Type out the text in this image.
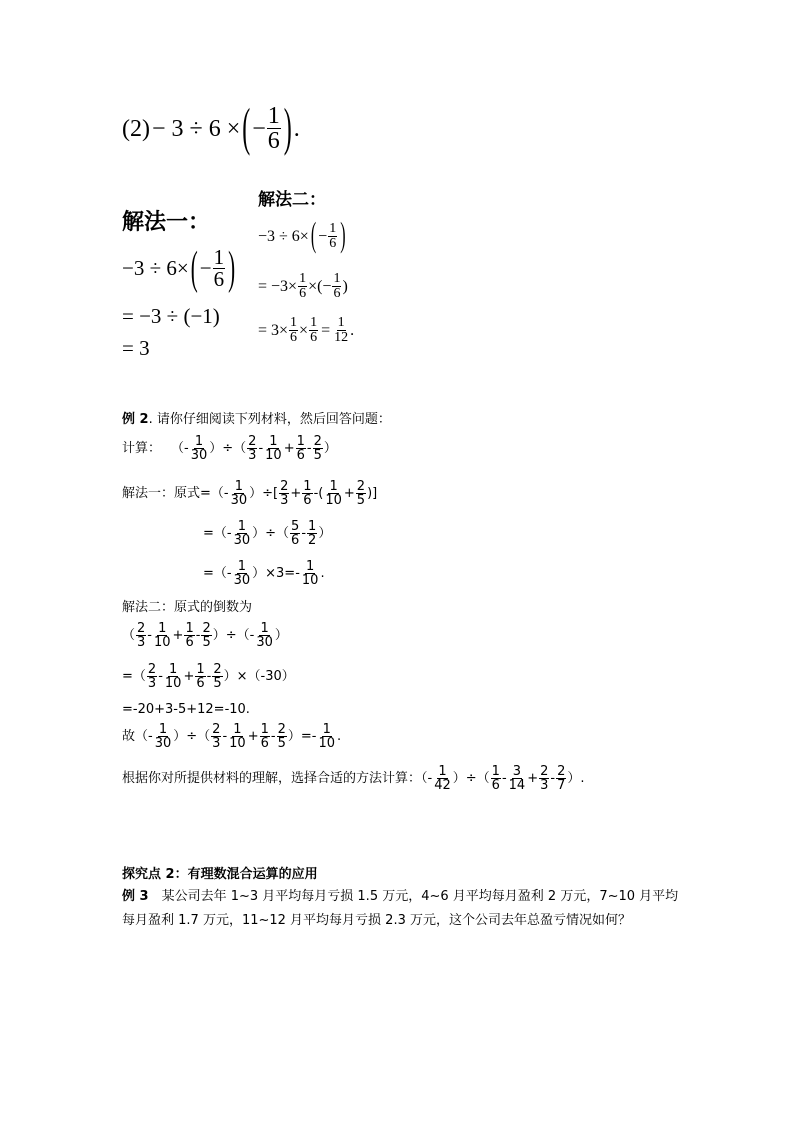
(2) − 3 ÷ 6 × ( − $\frac{1}{6}$ ) .
解法二：
解法一：
−3 ÷ 6× ( − $\frac{1}{6}$ )
= −3 ÷ (−1)
= 3
−3 ÷ 6× ( − $\frac{1}{6}$ )
= $-3\times \frac{1}{6}$ ×(− $\frac{1}{6}$ )
= $3\times \frac{1}{6} \times \frac{1}{6} = \frac{1}{12}$ .
例 2. 请你仔细阅读下列材料，然后回答问题：
计算： （- $\frac{1}{30}$ ）÷（ $\frac{2}{3} - \frac{1}{10} + \frac{1}{6} - \frac{2}{5}$ ）
解法一：原式=（- $\frac{1}{30}$ ）÷[ $\frac{2}{3} + \frac{1}{6}$ -( $\frac{1}{10} + \frac{2}{5}$ )]
=（- $\frac{1}{30}$ ）÷（ $\frac{5}{6} - \frac{1}{2}$ ）
=（- $\frac{1}{30} )\times 3=- \frac{1}{10}$ .
解法二：原式的倒数为
（ $\frac{2}{3} - \frac{1}{10} + \frac{1}{6} - \frac{2}{5}$ ）÷（- $\frac{1}{30}$ ）
=（ $\frac{2}{3} - \frac{1}{10} + \frac{1}{6} - \frac{2}{5} )\times(-30)$
=-20+3-5+12=-10.
故（- $\frac{1}{30}$ ）÷（ $\frac{2}{3} - \frac{1}{10} + \frac{1}{6} - \frac{2}{5}$ ）=- $\frac{1}{10}$ .
根据你对所提供材料的理解，选择合适的方法计算：（- $\frac{1}{42}$ ）÷（ $\frac{1}{6} - \frac{3}{14} + \frac{2}{3} - \frac{2}{7}$ ）.
探究点 2：有理数混合运算的应用
例 3　某公司去年 1~3 月平均每月亏损 1.5 万元，4~6 月平均每月盈利 2 万元，7~10 月平均
每月盈利 1.7 万元，11~12 月平均每月亏损 2.3 万元，这个公司去年总盈亏情况如何？
